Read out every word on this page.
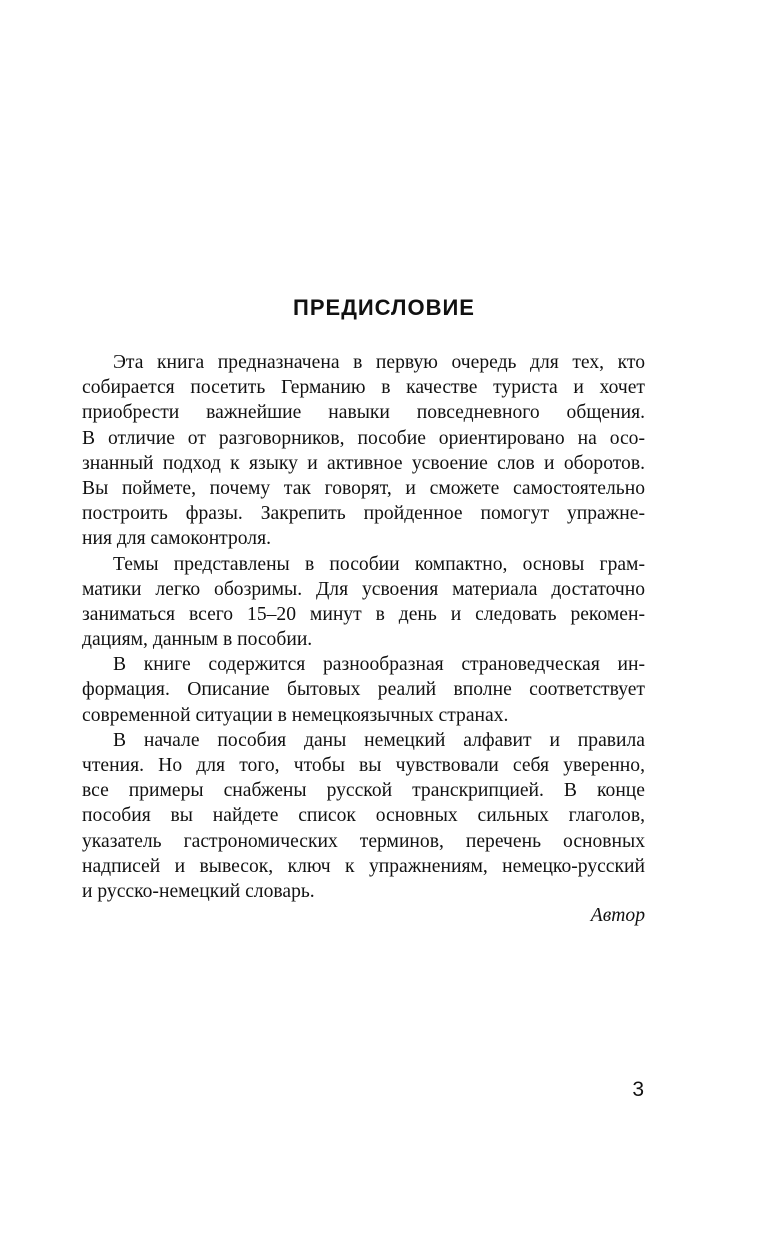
ПРЕДИСЛОВИЕ

Эта книга предназначена в первую очередь для тех, кто
собирается посетить Германию в качестве туриста и хочет
приобрести важнейшие навыки повседневного общения.
В отличие от разговорников, пособие ориентировано на осо-
знанный подход к языку и активное усвоение слов и оборотов.
Вы поймете, почему так говорят, и сможете самостоятельно
построить фразы. Закрепить пройденное помогут упражне-
ния для самоконтроля.

Темы представлены в пособии компактно, основы грам-
матики легко обозримы. Для усвоения материала достаточно
заниматься всего 15–20 минут в день и следовать рекомен-
дациям, данным в пособии.

В книге содержится разнообразная страноведческая ин-
формация. Описание бытовых реалий вполне соответствует
современной ситуации в немецкоязычных странах.

В начале пособия даны немецкий алфавит и правила
чтения. Но для того, чтобы вы чувствовали себя уверенно,
все примеры снабжены русской транскрипцией. В конце
пособия вы найдете список основных сильных глаголов,
указатель гастрономических терминов, перечень основных
надписей и вывесок, ключ к упражнениям, немецко-русский
и русско-немецкий словарь.

Автор

3
